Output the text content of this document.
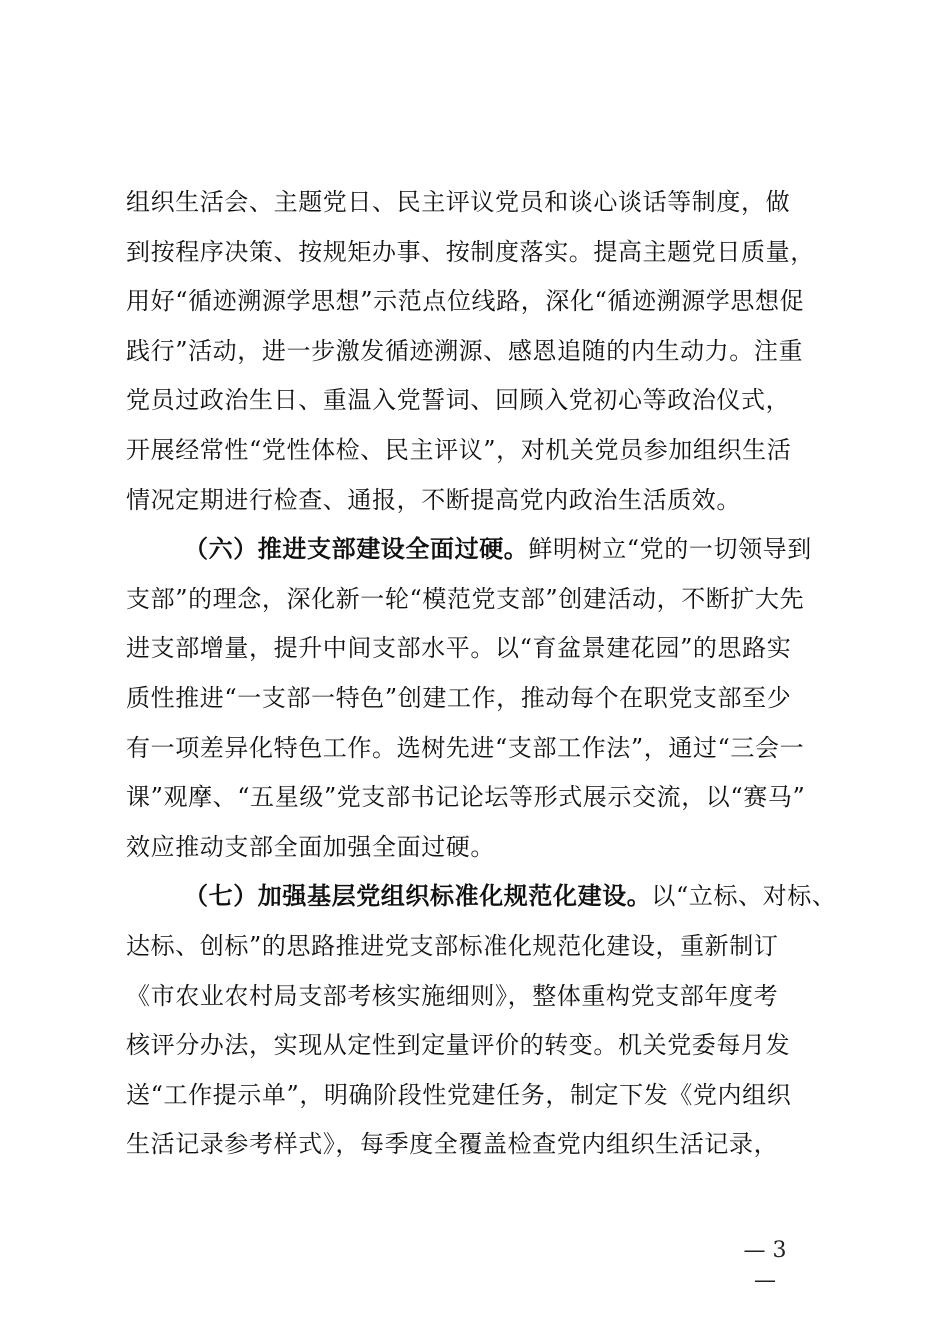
组织生活会、主题党日、民主评议党员和谈心谈话等制度，做
到按程序决策、按规矩办事、按制度落实。提高主题党日质量，
用好“循迹溯源学思想”示范点位线路，深化“循迹溯源学思想促
践行”活动，进一步激发循迹溯源、感恩追随的内生动力。注重
党员过政治生日、重温入党誓词、回顾入党初心等政治仪式，
开展经常性“党性体检、民主评议”，对机关党员参加组织生活
情况定期进行检查、通报，不断提高党内政治生活质效。
（六）推进支部建设全面过硬。鲜明树立“党的一切领导到
支部”的理念，深化新一轮“模范党支部”创建活动，不断扩大先
进支部增量，提升中间支部水平。以“育盆景建花园”的思路实
质性推进“一支部一特色”创建工作，推动每个在职党支部至少
有一项差异化特色工作。选树先进“支部工作法”，通过“三会一
课”观摩、“五星级”党支部书记论坛等形式展示交流，以“赛马”
效应推动支部全面加强全面过硬。
（七）加强基层党组织标准化规范化建设。以“立标、对标、
达标、创标”的思路推进党支部标准化规范化建设，重新制订
《市农业农村局支部考核实施细则》，整体重构党支部年度考
核评分办法，实现从定性到定量评价的转变。机关党委每月发
送“工作提示单”，明确阶段性党建任务，制定下发《党内组织
生活记录参考样式》，每季度全覆盖检查党内组织生活记录，
— 3 —
